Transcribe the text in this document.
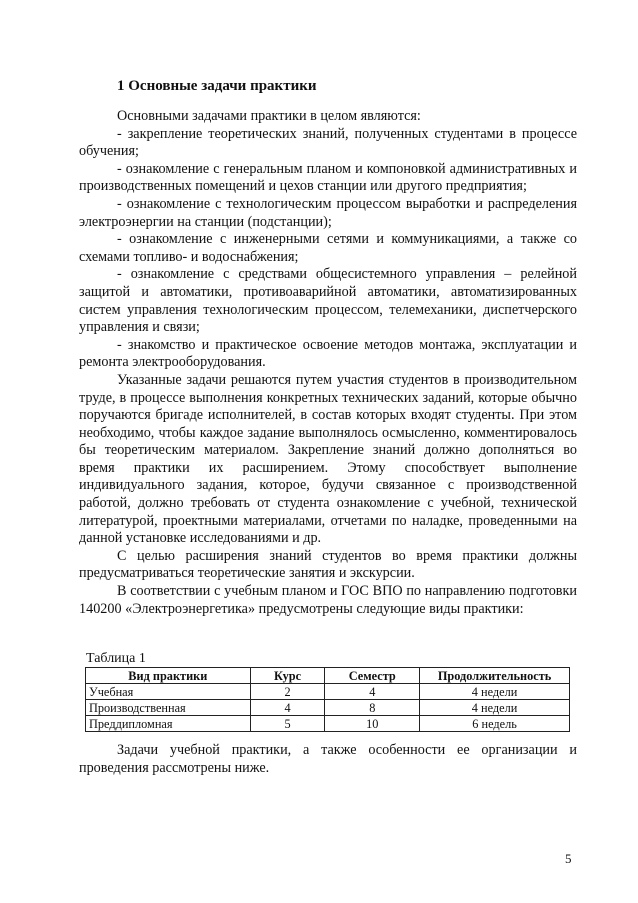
1 Основные задачи практики

Основными задачами практики в целом являются:

- закрепление теоретических знаний, полученных студентами в процессе обучения;

- ознакомление с генеральным планом и компоновкой административных и производственных помещений и цехов станции или другого предприятия;

- ознакомление с технологическим процессом выработки и распределения электроэнергии на станции (подстанции);

- ознакомление с инженерными сетями и коммуникациями, а также со схемами топливо- и водоснабжения;

- ознакомление с средствами общесистемного управления – релейной защитой и автоматики, противоаварийной автоматики, автоматизированных систем управления технологическим процессом, телемеханики, диспетчерского управления и связи;

- знакомство и практическое освоение методов монтажа, эксплуатации и ремонта электрооборудования.

Указанные задачи решаются путем участия студентов в производительном труде, в процессе выполнения конкретных технических заданий, которые обычно поручаются бригаде исполнителей, в состав которых входят студенты. При этом необходимо, чтобы каждое задание выполнялось осмысленно, комментировалось бы теоретическим материалом. Закрепление знаний должно дополняться во время практики их расширением. Этому способствует выполнение индивидуального задания, которое, будучи связанное с производственной работой, должно требовать от студента ознакомление с учебной, технической литературой, проектными материалами, отчетами по наладке, проведенными на данной установке исследованиями и др.

С целью расширения знаний студентов во время практики должны предусматриваться теоретические занятия и экскурсии.

В соответствии с учебным планом и ГОС ВПО по направлению подготовки 140200 «Электроэнергетика» предусмотрены следующие виды практики:

Таблица 1
Вид практики	Курс	Семестр	Продолжительность
Учебная	2	4	4 недели
Производственная	4	8	4 недели
Преддипломная	5	10	6 недель

Задачи учебной практики, а также особенности ее организации и проведения рассмотрены ниже.

5
